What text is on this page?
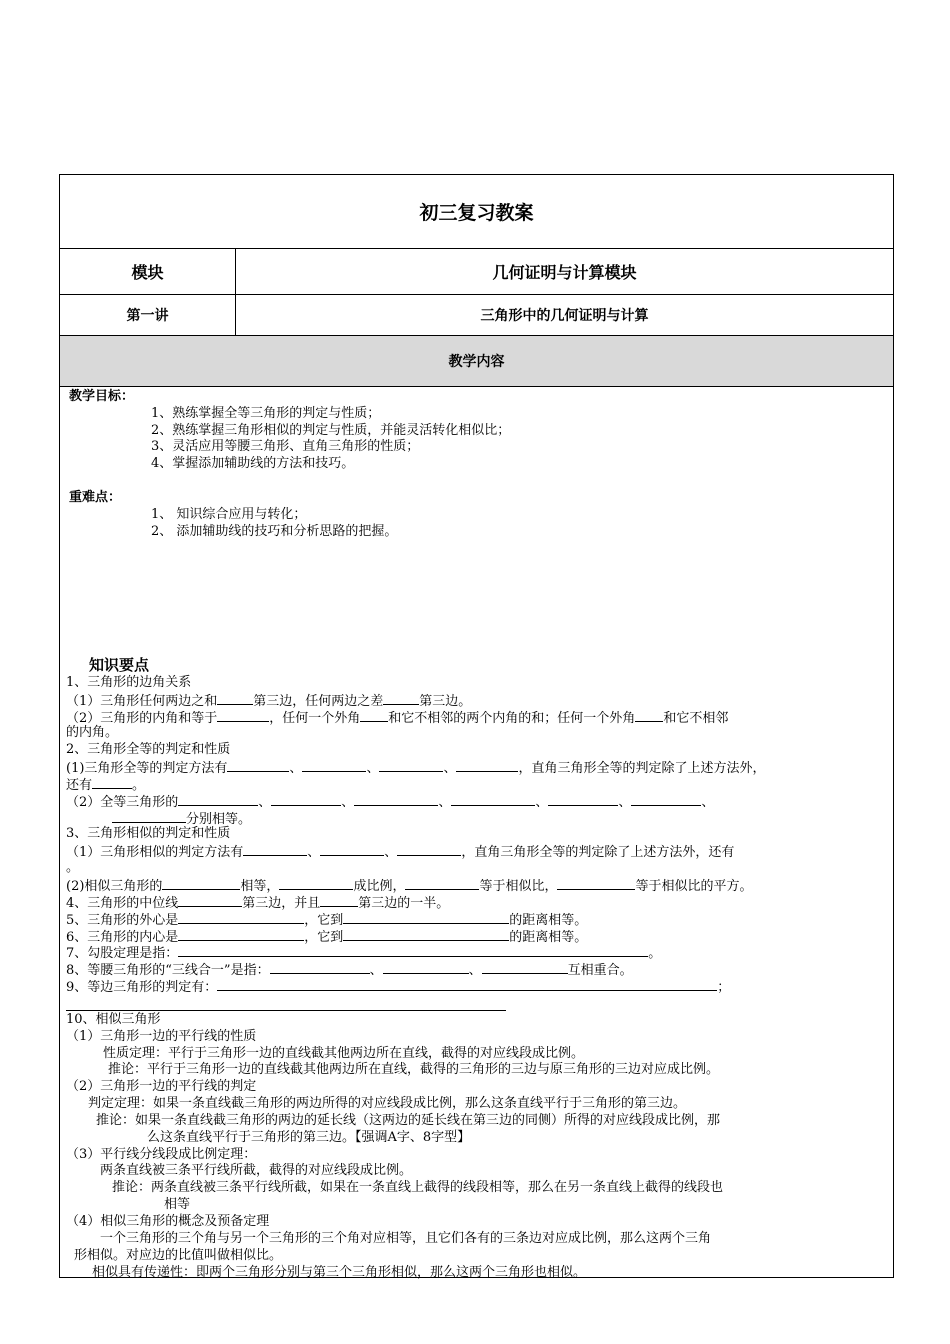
初三复习教案
模块	几何证明与计算模块
第一讲	三角形中的几何证明与计算
教学内容
教学目标：
1、熟练掌握全等三角形的判定与性质；
2、熟练掌握三角形相似的判定与性质，并能灵活转化相似比；
3、灵活应用等腰三角形、直角三角形的性质；
4、掌握添加辅助线的方法和技巧。
重难点：
1、 知识综合应用与转化；
2、 添加辅助线的技巧和分析思路的把握。
知识要点
1、三角形的边角关系
（1）三角形任何两边之和	第三边，任何两边之差	第三边。
（2）三角形的内角和等于	，任何一个外角 和它不相邻的两个内角的和；任何一个外角 和它不相邻
的内角。
2、三角形全等的判定和性质
(1)三角形全等的判定方法有	、	、	、	，直角三角形全等的判定除了上述方法外，
还有	。
（2）全等三角形的	、	、	、	、	、	、
分别相等。
3、三角形相似的判定和性质
（1）三角形相似的判定方法有	、	、	，直角三角形全等的判定除了上述方法外，还有
。
(2)相似三角形的	相等，	成比例，	等于相似比，	等于相似比的平方。
4、三角形的中位线	第三边，并且	第三边的一半。
5、三角形的外心是	，它到	的距离相等。
6、三角形的内心是	，它到	的距离相等。
7、勾股定理是指：	。
8、等腰三角形的“三线合一”是指：	、	、	互相重合。
9、等边三角形的判定有：	；
10、相似三角形
（1）三角形一边的平行线的性质
性质定理：平行于三角形一边的直线截其他两边所在直线，截得的对应线段成比例。
推论：平行于三角形一边的直线截其他两边所在直线，截得的三角形的三边与原三角形的三边对应成比例。
（2）三角形一边的平行线的判定
判定定理：如果一条直线截三角形的两边所得的对应线段成比例，那么这条直线平行于三角形的第三边。
推论：如果一条直线截三角形的两边的延长线（这两边的延长线在第三边的同侧）所得的对应线段成比例，那
么这条直线平行于三角形的第三边。【强调A字、8字型】
（3）平行线分线段成比例定理：
两条直线被三条平行线所截，截得的对应线段成比例。
推论：两条直线被三条平行线所截，如果在一条直线上截得的线段相等，那么在另一条直线上截得的线段也
相等
（4）相似三角形的概念及预备定理
一个三角形的三个角与另一个三角形的三个角对应相等，且它们各有的三条边对应成比例，那么这两个三角
形相似。对应边的比值叫做相似比。
相似具有传递性：即两个三角形分别与第三个三角形相似，那么这两个三角形也相似。
